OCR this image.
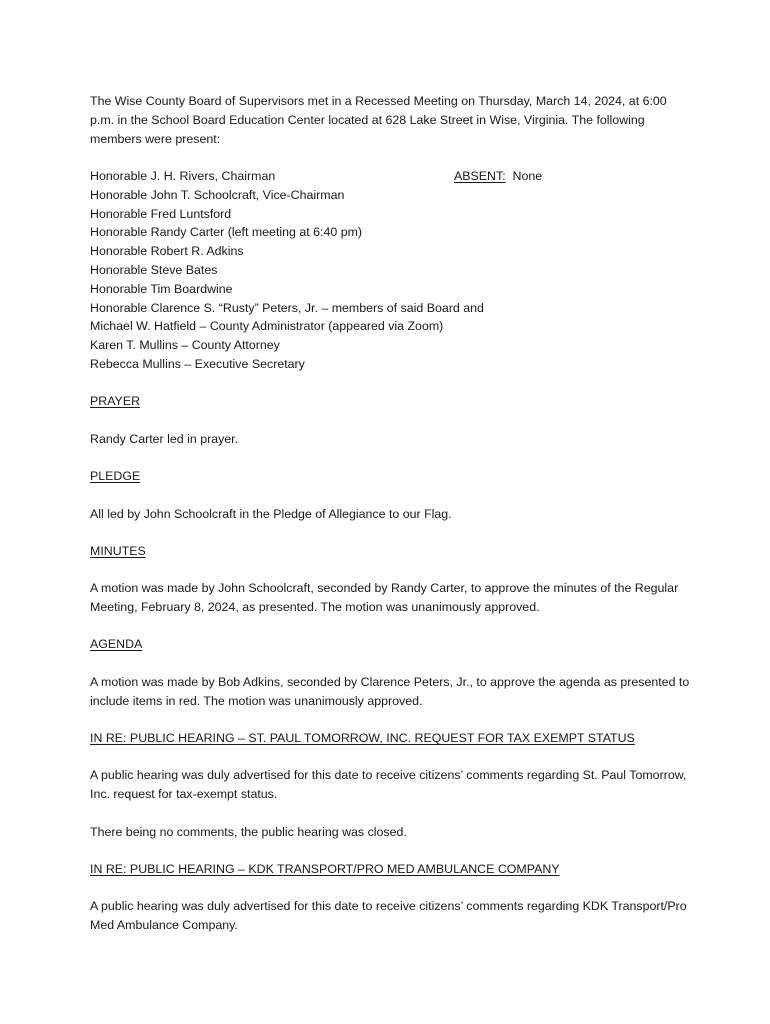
The Wise County Board of Supervisors met in a Recessed Meeting on Thursday, March 14, 2024, at 6:00 p.m. in the School Board Education Center located at 628 Lake Street in Wise, Virginia. The following members were present:

Honorable J. H. Rivers, Chairman	ABSENT: None
Honorable John T. Schoolcraft, Vice-Chairman
Honorable Fred Luntsford
Honorable Randy Carter (left meeting at 6:40 pm)
Honorable Robert R. Adkins
Honorable Steve Bates
Honorable Tim Boardwine
Honorable Clarence S. “Rusty” Peters, Jr. – members of said Board and
Michael W. Hatfield – County Administrator (appeared via Zoom)
Karen T. Mullins – County Attorney
Rebecca Mullins – Executive Secretary

PRAYER

Randy Carter led in prayer.

PLEDGE

All led by John Schoolcraft in the Pledge of Allegiance to our Flag.

MINUTES

A motion was made by John Schoolcraft, seconded by Randy Carter, to approve the minutes of the Regular Meeting, February 8, 2024, as presented. The motion was unanimously approved.

AGENDA

A motion was made by Bob Adkins, seconded by Clarence Peters, Jr., to approve the agenda as presented to include items in red. The motion was unanimously approved.

IN RE: PUBLIC HEARING – ST. PAUL TOMORROW, INC. REQUEST FOR TAX EXEMPT STATUS

A public hearing was duly advertised for this date to receive citizens’ comments regarding St. Paul Tomorrow, Inc. request for tax-exempt status.

There being no comments, the public hearing was closed.

IN RE: PUBLIC HEARING – KDK TRANSPORT/PRO MED AMBULANCE COMPANY

A public hearing was duly advertised for this date to receive citizens’ comments regarding KDK Transport/Pro Med Ambulance Company.
